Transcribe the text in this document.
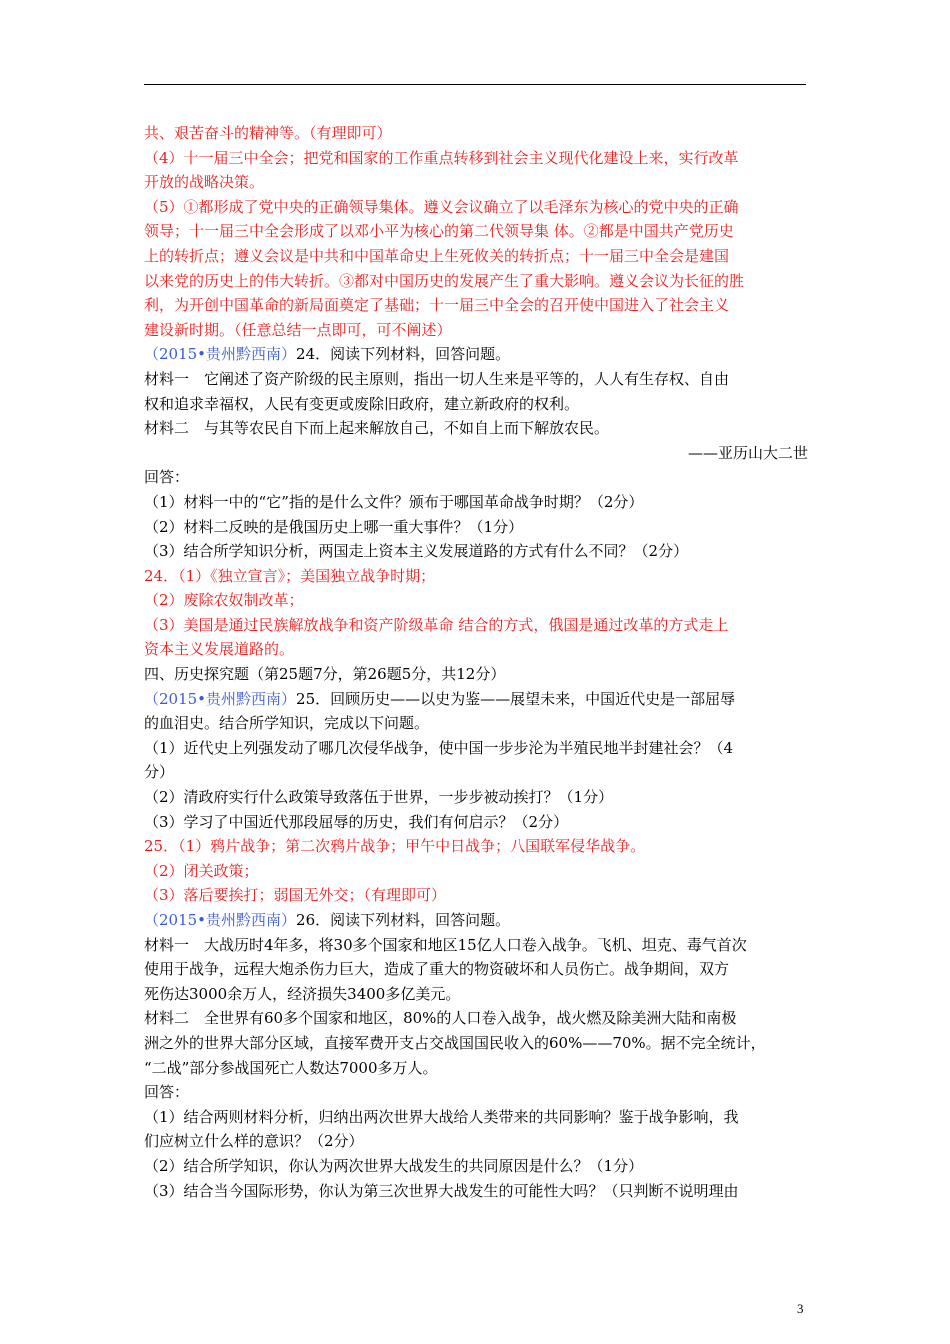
共、艰苦奋斗的精神等。（有理即可）
（4）十一届三中全会；把党和国家的工作重点转移到社会主义现代化建设上来，实行改革
开放的战略决策。
（5）①都形成了党中央的正确领导集体。遵义会议确立了以毛泽东为核心的党中央的正确
领导；十一届三中全会形成了以邓小平为核心的第二代领导集 体。②都是中国共产党历史
上的转折点；遵义会议是中共和中国革命史上生死攸关的转折点；十一届三中全会是建国
以来党的历史上的伟大转折。③都对中国历史的发展产生了重大影响。遵义会议为长征的胜
利，为开创中国革命的新局面奠定了基础；十一届三中全会的召开使中国进入了社会主义
建设新时期。（任意总结一点即可，可不阐述）
（2015•贵州黔西南）24．阅读下列材料，回答问题。
材料一　它阐述了资产阶级的民主原则，指出一切人生来是平等的，人人有生存权、自由
权和追求幸福权，人民有变更或废除旧政府，建立新政府的权利。
材料二　与其等农民自下而上起来解放自己，不如自上而下解放农民。
——亚历山大二世
回答：
（1）材料一中的“它”指的是什么文件？颁布于哪国革命战争时期？（2分）
（2）材料二反映的是俄国历史上哪一重大事件？（1分）
（3）结合所学知识分析，两国走上资本主义发展道路的方式有什么不同？（2分）
24．（1）《独立宣言》；美国独立战争时期；
（2）废除农奴制改革；
（3）美国是通过民族解放战争和资产阶级革命 结合的方式，俄国是通过改革的方式走上
资本主义发展道路的。
四、历史探究题（第25题7分，第26题5分，共12分）
（2015•贵州黔西南）25．回顾历史——以史为鉴——展望未来，中国近代史是一部屈辱
的血泪史。结合所学知识，完成以下问题。
（1）近代史上列强发动了哪几次侵华战争，使中国一步步沦为半殖民地半封建社会？（4
分）
（2）清政府实行什么政策导致落伍于世界，一步步被动挨打？（1分）
（3）学习了中国近代那段屈辱的历史，我们有何启示？（2分）
25．（1）鸦片战争；第二次鸦片战争；甲午中日战争；八国联军侵华战争。
（2）闭关政策；
（3）落后要挨打；弱国无外交；（有理即可）
（2015•贵州黔西南）26．阅读下列材料，回答问题。
材料一　大战历时4年多，将30多个国家和地区15亿人口卷入战争。飞机、坦克、毒气首次
使用于战争，远程大炮杀伤力巨大，造成了重大的物资破坏和人员伤亡。战争期间，双方
死伤达3000余万人，经济损失3400多亿美元。
材料二　全世界有60多个国家和地区，80%的人口卷入战争，战火燃及除美洲大陆和南极
洲之外的世界大部分区域，直接军费开支占交战国国民收入的60%——70%。据不完全统计，
“二战”部分参战国死亡人数达7000多万人。
回答：
（1）结合两则材料分析，归纳出两次世界大战给人类带来的共同影响？鉴于战争影响，我
们应树立什么样的意识？（2分）
（2）结合所学知识，你认为两次世界大战发生的共同原因是什么？（1分）
（3）结合当今国际形势，你认为第三次世界大战发生的可能性大吗？（只判断不说明理由
3
